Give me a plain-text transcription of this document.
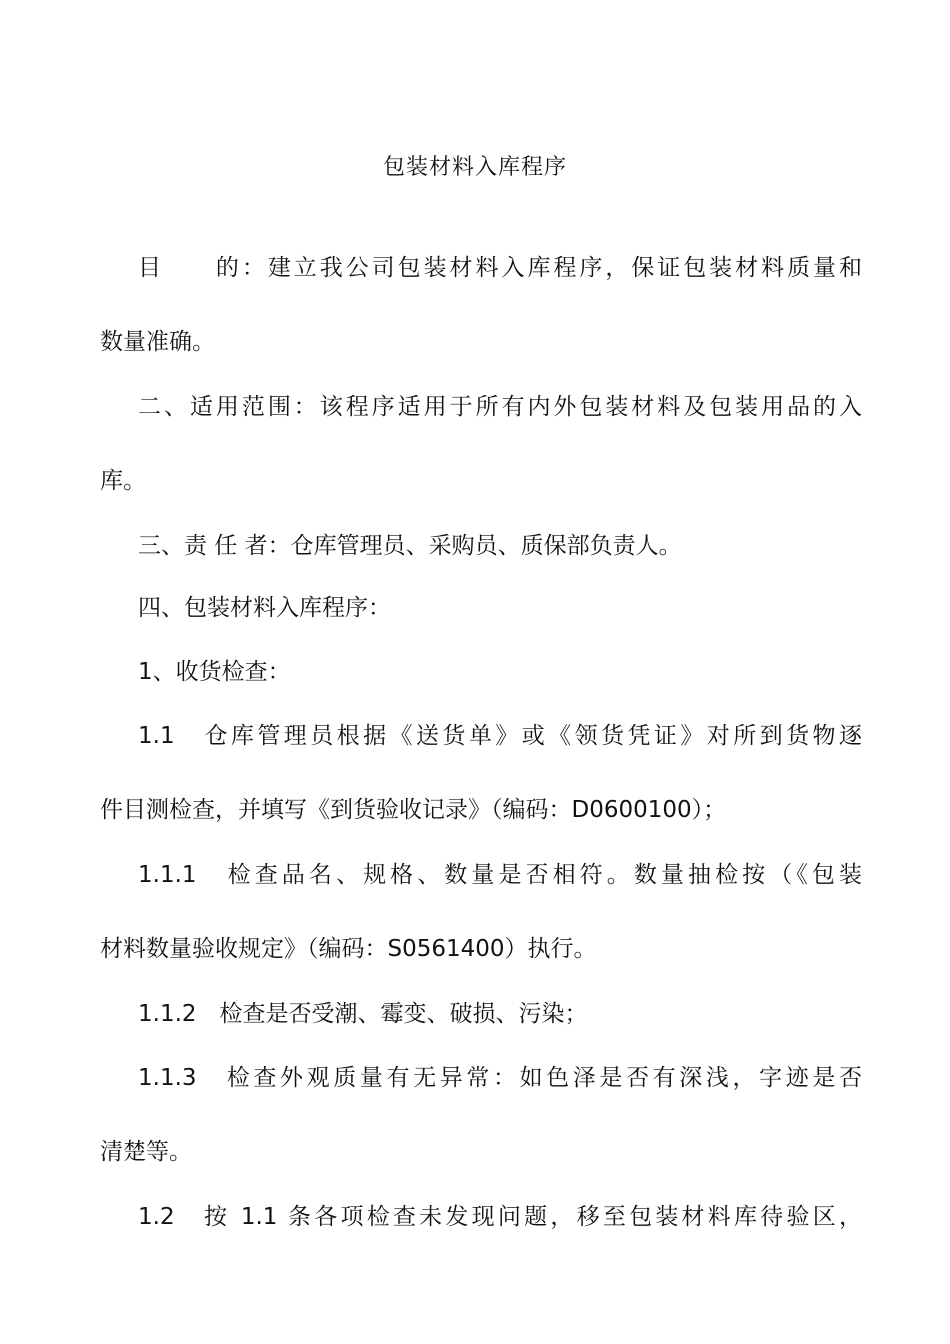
包装材料入库程序
目　　的：建立我公司包装材料入库程序，保证包装材料质量和
数量准确。
二、适用范围：该程序适用于所有内外包装材料及包装用品的入
库。
三、责 任 者：仓库管理员、采购员、质保部负责人。
四、包装材料入库程序：
1、收货检查：
1.1　仓库管理员根据《送货单》或《领货凭证》对所到货物逐
件目测检查，并填写《到货验收记录》（编码：D0600100）；
1.1.1　检查品名、规格、数量是否相符。数量抽检按（《包装
材料数量验收规定》（编码：S0561400）执行。
1.1.2　检查是否受潮、霉变、破损、污染；
1.1.3　检查外观质量有无异常：如色泽是否有深浅，字迹是否
清楚等。
1.2　按 1.1 条各项检查未发现问题，移至包装材料库待验区，
